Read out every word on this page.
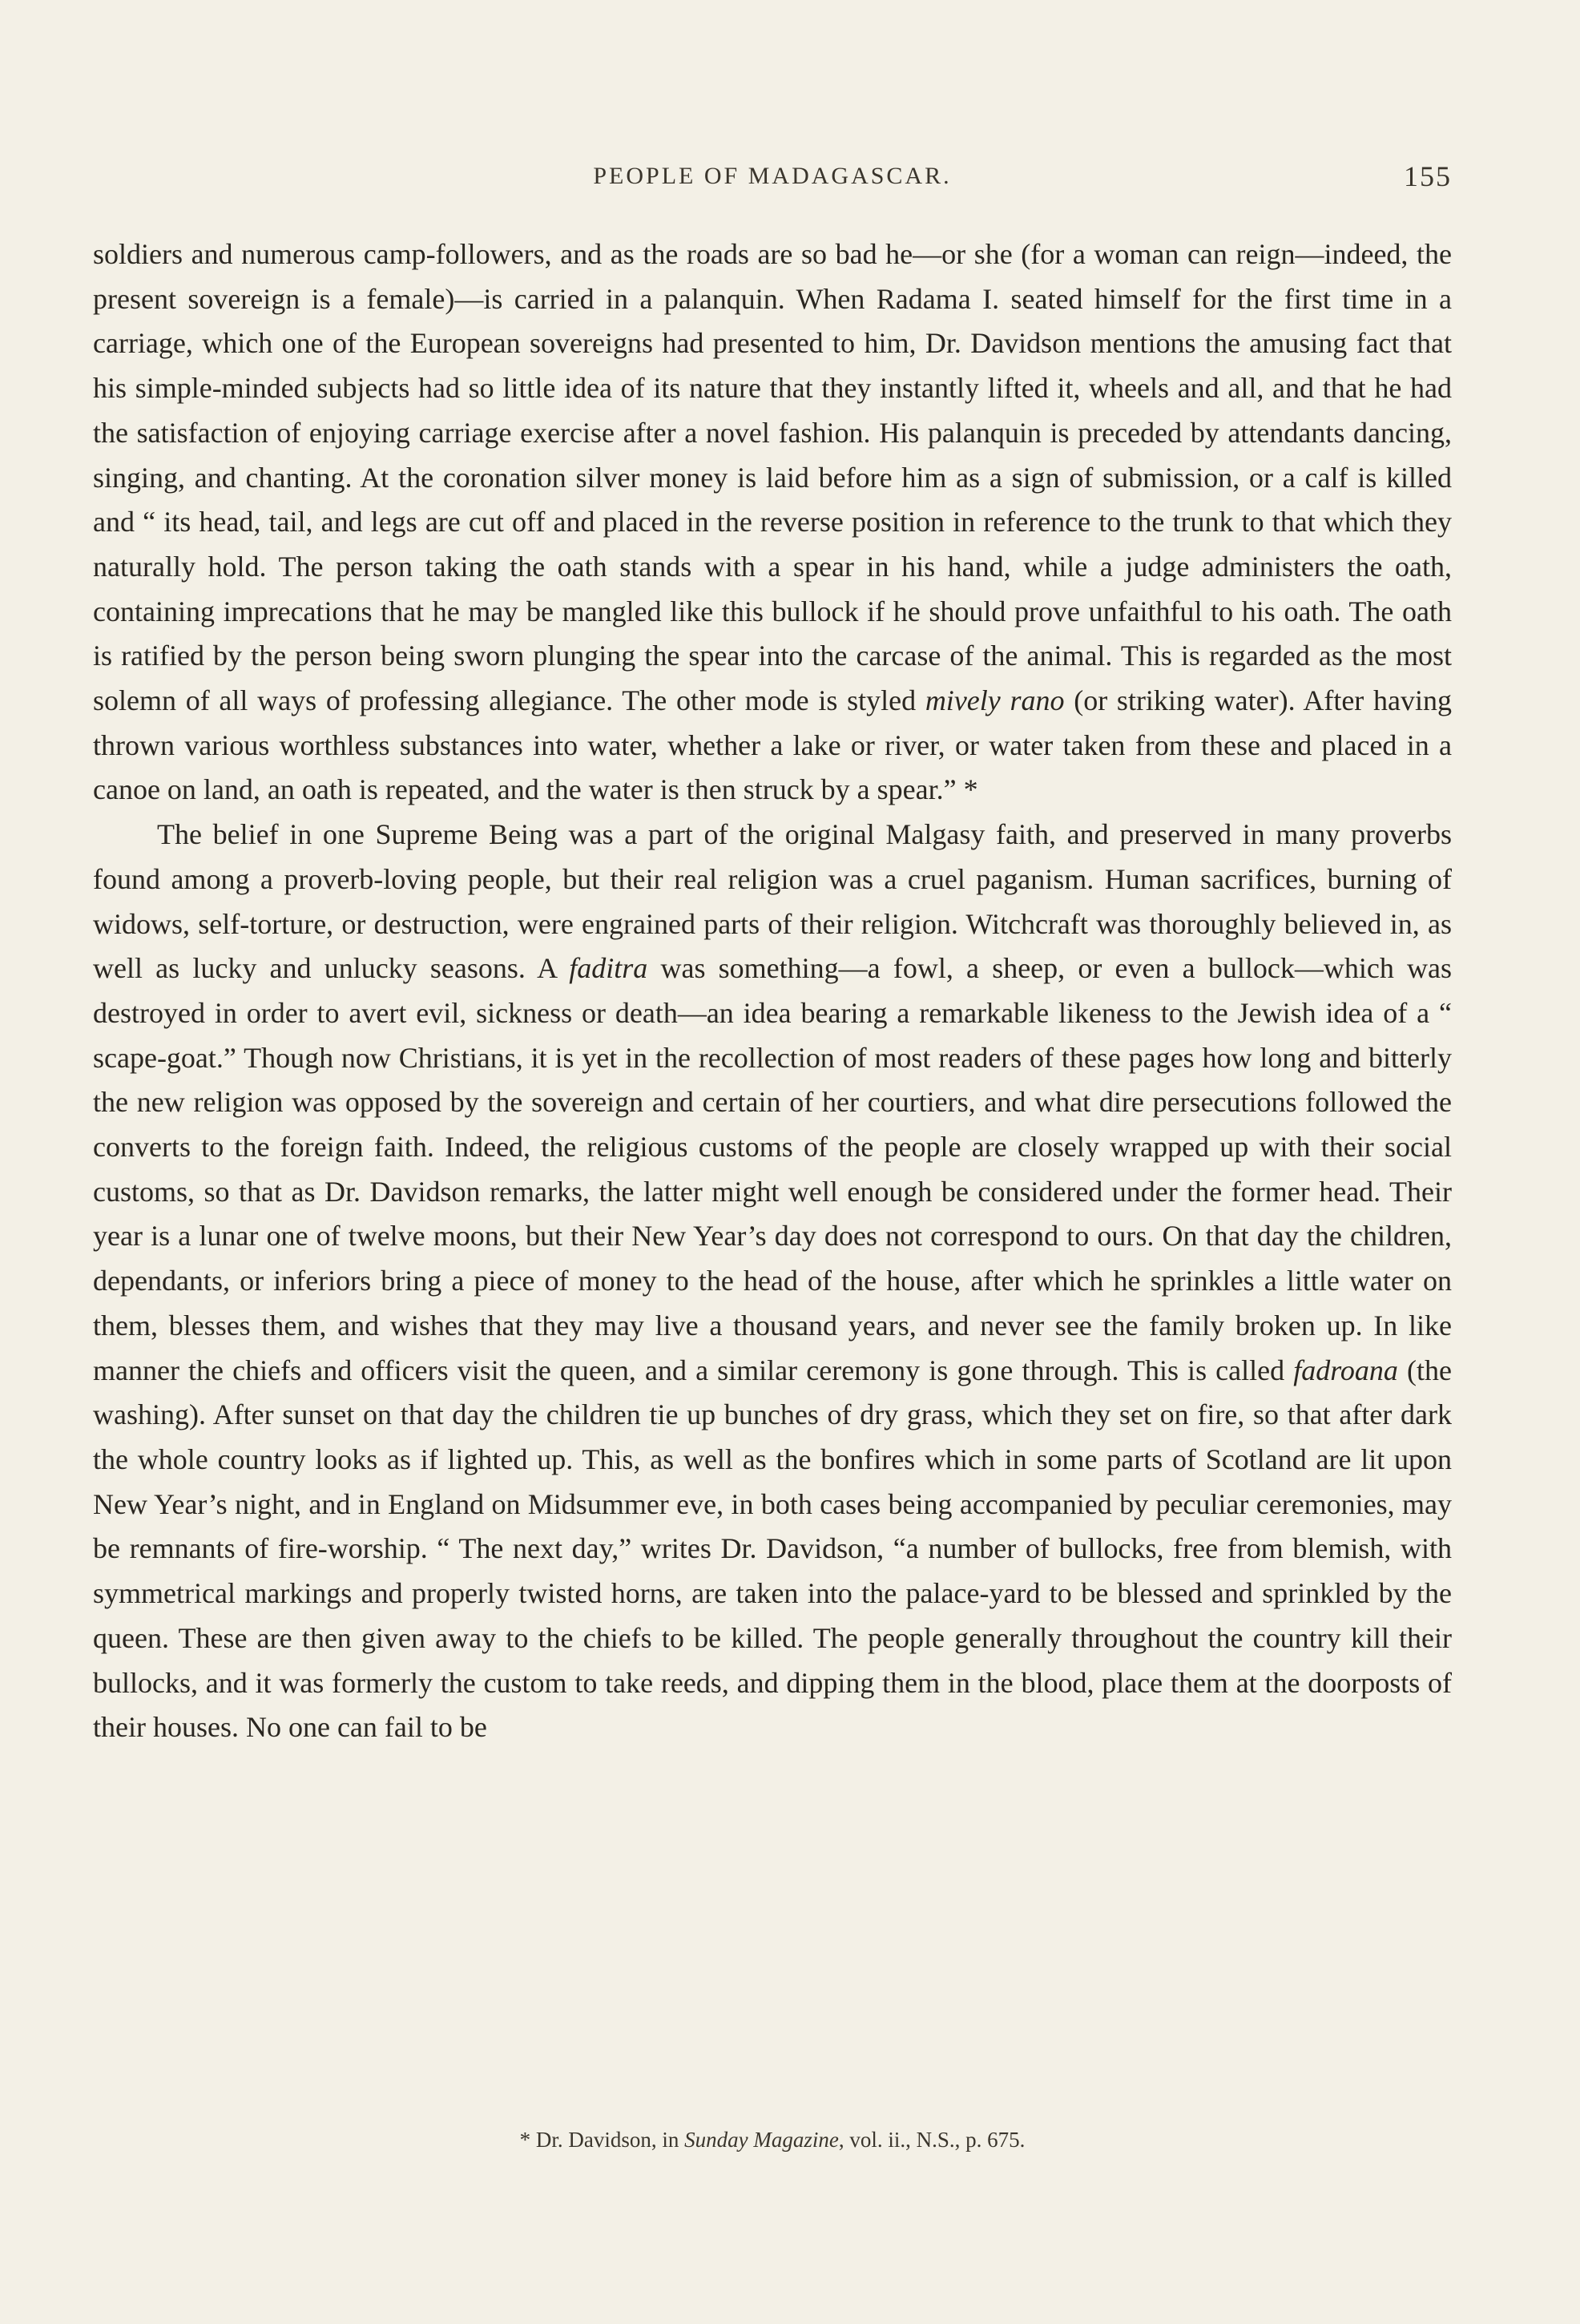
PEOPLE OF MADAGASCAR.	155

soldiers and numerous camp-followers, and as the roads are so bad he—or she (for a woman can reign—indeed, the present sovereign is a female)—is carried in a palanquin. When Radama I. seated himself for the first time in a carriage, which one of the European sovereigns had presented to him, Dr. Davidson mentions the amusing fact that his simple-minded subjects had so little idea of its nature that they instantly lifted it, wheels and all, and that he had the satisfaction of enjoying carriage exercise after a novel fashion. His palanquin is preceded by attendants dancing, singing, and chanting. At the coronation silver money is laid before him as a sign of submission, or a calf is killed and “ its head, tail, and legs are cut off and placed in the reverse position in reference to the trunk to that which they naturally hold. The person taking the oath stands with a spear in his hand, while a judge administers the oath, containing imprecations that he may be mangled like this bullock if he should prove unfaithful to his oath. The oath is ratified by the person being sworn plunging the spear into the carcase of the animal. This is regarded as the most solemn of all ways of professing allegiance. The other mode is styled mively rano (or striking water). After having thrown various worthless substances into water, whether a lake or river, or water taken from these and placed in a canoe on land, an oath is repeated, and the water is then struck by a spear.” *

The belief in one Supreme Being was a part of the original Malgasy faith, and preserved in many proverbs found among a proverb-loving people, but their real religion was a cruel paganism. Human sacrifices, burning of widows, self-torture, or destruction, were engrained parts of their religion. Witchcraft was thoroughly believed in, as well as lucky and unlucky seasons. A faditra was something—a fowl, a sheep, or even a bullock—which was destroyed in order to avert evil, sickness or death—an idea bearing a remarkable likeness to the Jewish idea of a “ scape-goat.” Though now Christians, it is yet in the recollection of most readers of these pages how long and bitterly the new religion was opposed by the sovereign and certain of her courtiers, and what dire persecutions followed the converts to the foreign faith. Indeed, the religious customs of the people are closely wrapped up with their social customs, so that as Dr. Davidson remarks, the latter might well enough be considered under the former head. Their year is a lunar one of twelve moons, but their New Year’s day does not correspond to ours. On that day the children, dependants, or inferiors bring a piece of money to the head of the house, after which he sprinkles a little water on them, blesses them, and wishes that they may live a thousand years, and never see the family broken up. In like manner the chiefs and officers visit the queen, and a similar ceremony is gone through. This is called fadroana (the washing). After sunset on that day the children tie up bunches of dry grass, which they set on fire, so that after dark the whole country looks as if lighted up. This, as well as the bonfires which in some parts of Scotland are lit upon New Year’s night, and in England on Midsummer eve, in both cases being accompanied by peculiar ceremonies, may be remnants of fire-worship. “ The next day,” writes Dr. Davidson, “a number of bullocks, free from blemish, with symmetrical markings and properly twisted horns, are taken into the palace-yard to be blessed and sprinkled by the queen. These are then given away to the chiefs to be killed. The people generally throughout the country kill their bullocks, and it was formerly the custom to take reeds, and dipping them in the blood, place them at the doorposts of their houses. No one can fail to be

* Dr. Davidson, in Sunday Magazine, vol. ii., N.S., p. 675.
